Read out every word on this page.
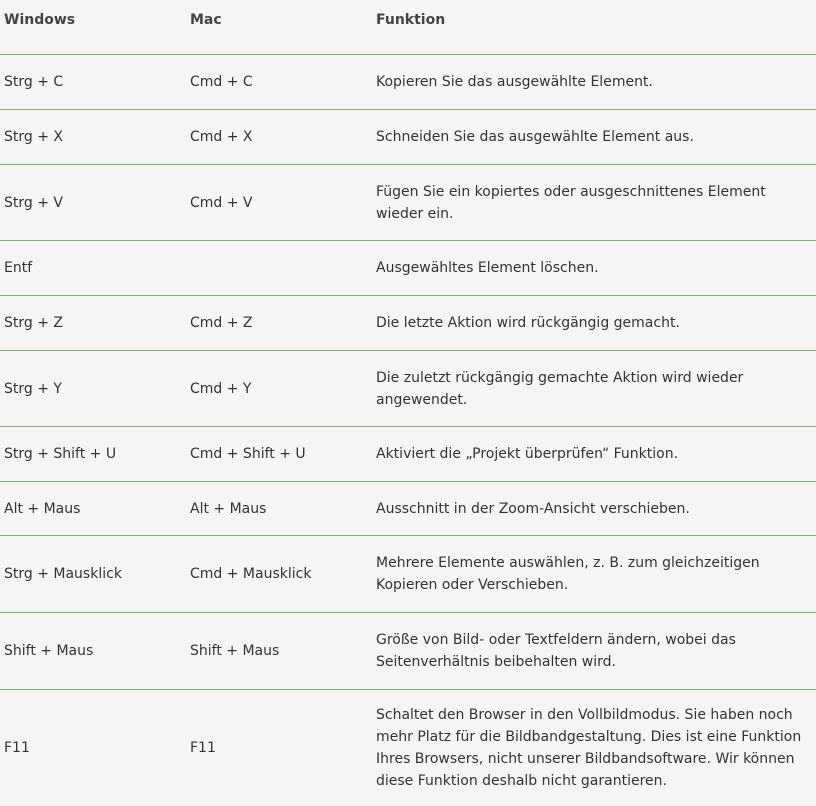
Windows	Mac	Funktion
Strg + C	Cmd + C	Kopieren Sie das ausgewählte Element.
Strg + X	Cmd + X	Schneiden Sie das ausgewählte Element aus.
Strg + V	Cmd + V	Fügen Sie ein kopiertes oder ausgeschnittenes Element wieder ein.
Entf		Ausgewähltes Element löschen.
Strg + Z	Cmd + Z	Die letzte Aktion wird rückgängig gemacht.
Strg + Y	Cmd + Y	Die zuletzt rückgängig gemachte Aktion wird wieder angewendet.
Strg + Shift + U	Cmd + Shift + U	Aktiviert die „Projekt überprüfen“ Funktion.
Alt + Maus	Alt + Maus	Ausschnitt in der Zoom-Ansicht verschieben.
Strg + Mausklick	Cmd + Mausklick	Mehrere Elemente auswählen, z. B. zum gleichzeitigen Kopieren oder Verschieben.
Shift + Maus	Shift + Maus	Größe von Bild- oder Textfeldern ändern, wobei das Seitenverhältnis beibehalten wird.
F11	F11	Schaltet den Browser in den Vollbildmodus. Sie haben noch mehr Platz für die Bildbandgestaltung. Dies ist eine Funktion Ihres Browsers, nicht unserer Bildbandsoftware. Wir können diese Funktion deshalb nicht garantieren.
